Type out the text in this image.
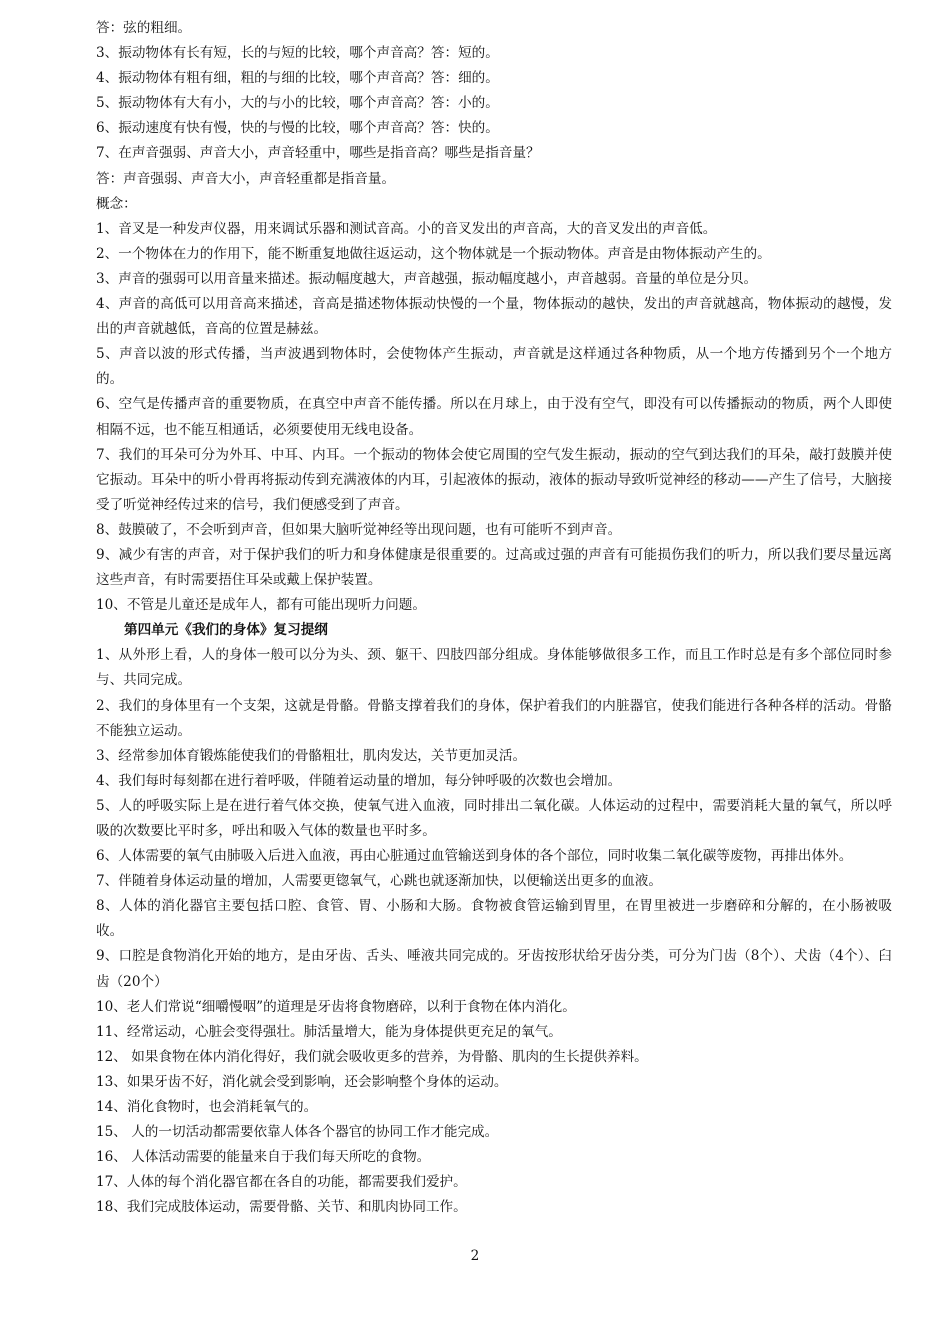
答：弦的粗细。

3、振动物体有长有短，长的与短的比较，哪个声音高？答：短的。

4、振动物体有粗有细，粗的与细的比较，哪个声音高？答：细的。

5、振动物体有大有小，大的与小的比较，哪个声音高？答：小的。

6、振动速度有快有慢，快的与慢的比较，哪个声音高？答：快的。

7、在声音强弱、声音大小，声音轻重中，哪些是指音高？哪些是指音量？

答：声音强弱、声音大小，声音轻重都是指音量。

概念：

1、音叉是一种发声仪器，用来调试乐器和测试音高。小的音叉发出的声音高，大的音叉发出的声音低。

2、一个物体在力的作用下，能不断重复地做往返运动，这个物体就是一个振动物体。声音是由物体振动产生的。

3、声音的强弱可以用音量来描述。振动幅度越大，声音越强，振动幅度越小，声音越弱。音量的单位是分贝。

4、声音的高低可以用音高来描述，音高是描述物体振动快慢的一个量，物体振动的越快，发出的声音就越高，物体振动的越慢，发出的声音就越低，音高的位置是赫兹。

5、声音以波的形式传播，当声波遇到物体时，会使物体产生振动，声音就是这样通过各种物质，从一个地方传播到另个一个地方的。

6、空气是传播声音的重要物质，在真空中声音不能传播。所以在月球上，由于没有空气，即没有可以传播振动的物质，两个人即使相隔不远，也不能互相通话，必须要使用无线电设备。

7、我们的耳朵可分为外耳、中耳、内耳。一个振动的物体会使它周围的空气发生振动，振动的空气到达我们的耳朵，敲打鼓膜并使它振动。耳朵中的听小骨再将振动传到充满液体的内耳，引起液体的振动，液体的振动导致听觉神经的移动——产生了信号，大脑接受了听觉神经传过来的信号，我们便感受到了声音。

8、鼓膜破了，不会听到声音，但如果大脑听觉神经等出现问题，也有可能听不到声音。

9、减少有害的声音，对于保护我们的听力和身体健康是很重要的。过高或过强的声音有可能损伤我们的听力，所以我们要尽量远离这些声音，有时需要捂住耳朵或戴上保护装置。

10、不管是儿童还是成年人，都有可能出现听力问题。

第四单元《我们的身体》复习提纲

1、从外形上看，人的身体一般可以分为头、颈、躯干、四肢四部分组成。身体能够做很多工作，而且工作时总是有多个部位同时参与、共同完成。

2、我们的身体里有一个支架，这就是骨骼。骨骼支撑着我们的身体，保护着我们的内脏器官，使我们能进行各种各样的活动。骨骼不能独立运动。

3、经常参加体育锻炼能使我们的骨骼粗壮，肌肉发达，关节更加灵活。

4、我们每时每刻都在进行着呼吸，伴随着运动量的增加，每分钟呼吸的次数也会增加。

5、人的呼吸实际上是在进行着气体交换，使氧气进入血液，同时排出二氧化碳。人体运动的过程中，需要消耗大量的氧气，所以呼吸的次数要比平时多，呼出和吸入气体的数量也平时多。

6、人体需要的氧气由肺吸入后进入血液，再由心脏通过血管输送到身体的各个部位，同时收集二氧化碳等废物，再排出体外。

7、伴随着身体运动量的增加，人需要更锪氧气，心跳也就逐渐加快，以便输送出更多的血液。

8、人体的消化器官主要包括口腔、食管、胃、小肠和大肠。食物被食管运输到胃里，在胃里被进一步磨碎和分解的，在小肠被吸收。

9、口腔是食物消化开始的地方，是由牙齿、舌头、唾液共同完成的。牙齿按形状给牙齿分类，可分为门齿（8个）、犬齿（4个）、臼齿（20个）

10、老人们常说“细嚼慢咽”的道理是牙齿将食物磨碎，以利于食物在体内消化。

11、经常运动，心脏会变得强壮。肺活量增大，能为身体提供更充足的氧气。

12、 如果食物在体内消化得好，我们就会吸收更多的营养，为骨骼、肌肉的生长提供养料。

13、如果牙齿不好，消化就会受到影响，还会影响整个身体的运动。

14、消化食物时，也会消耗氧气的。

15、 人的一切活动都需要依靠人体各个器官的协同工作才能完成。

16、 人体活动需要的能量来自于我们每天所吃的食物。

17、人体的每个消化器官都在各自的功能，都需要我们爱护。

18、我们完成肢体运动，需要骨骼、关节、和肌肉协同工作。

2
